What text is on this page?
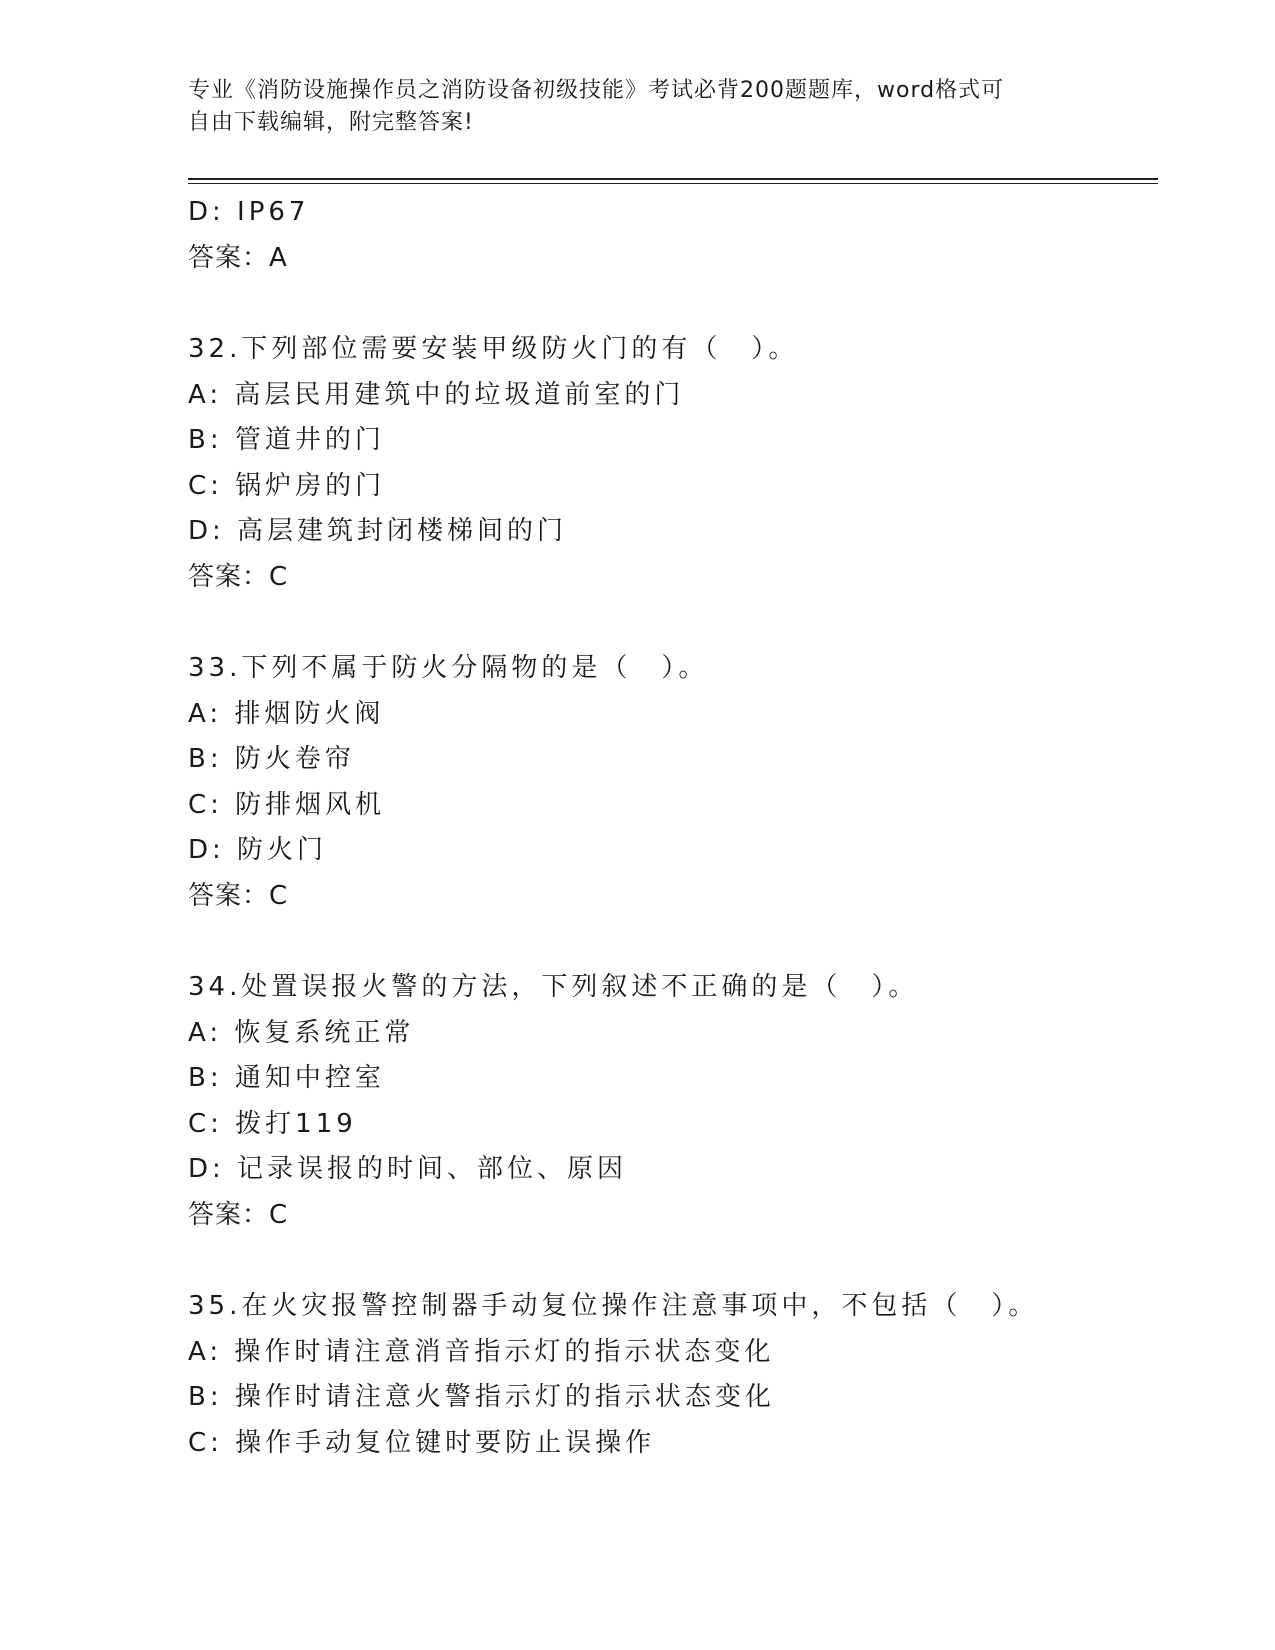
专业《消防设施操作员之消防设备初级技能》考试必背200题题库，word格式可
自由下载编辑，附完整答案!
D: IP67
答案：A
32.下列部位需要安装甲级防火门的有（　）。
A: 高层民用建筑中的垃圾道前室的门
B: 管道井的门
C: 锅炉房的门
D: 高层建筑封闭楼梯间的门
答案：C
33.下列不属于防火分隔物的是（　）。
A: 排烟防火阀
B: 防火卷帘
C: 防排烟风机
D: 防火门
答案：C
34.处置误报火警的方法，下列叙述不正确的是（　）。
A: 恢复系统正常
B: 通知中控室
C: 拨打119
D: 记录误报的时间、部位、原因
答案：C
35.在火灾报警控制器手动复位操作注意事项中，不包括（　）。
A: 操作时请注意消音指示灯的指示状态变化
B: 操作时请注意火警指示灯的指示状态变化
C: 操作手动复位键时要防止误操作
